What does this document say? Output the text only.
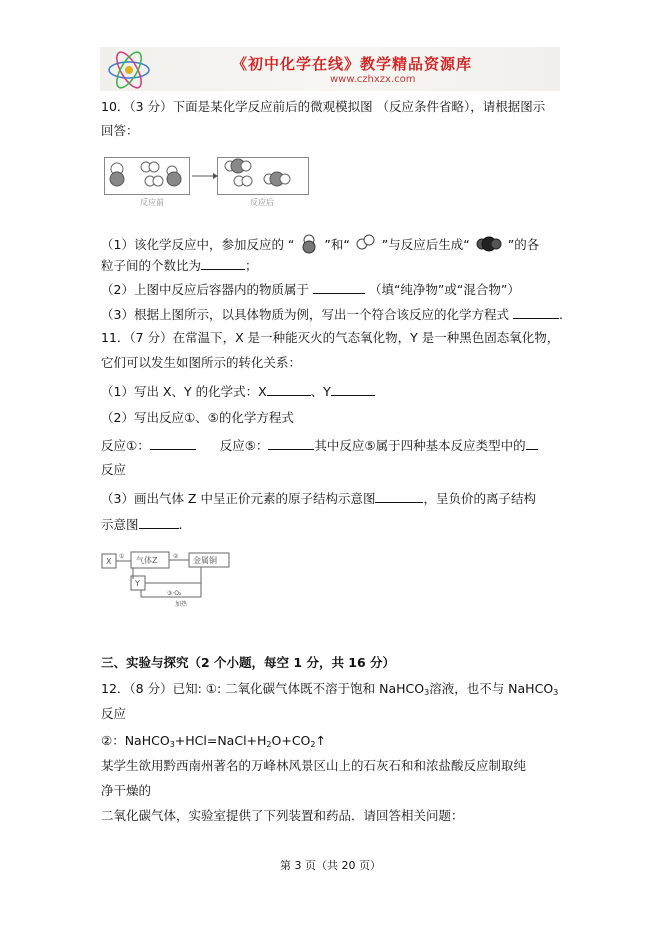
《初中化学在线》教学精品资源库
www.czhxzx.com
10．（3 分）下面是某化学反应前后的微观模拟图 （反应条件省略），请根据图示
回答：
反应前	反应后
（1）该化学反应中，参加反应的 “ ”和“	”与反应后生成“	”的各
粒子间的个数比为	；
（2）上图中反应后容器内的物质属于	（填“纯净物”或“混合物”）
（3）根据上图所示，以具体物质为例，写出一个符合该反应的化学方程式	.
11．（7 分）在常温下，X 是一种能灭火的气态氧化物，Y 是一种黑色固态氧化物，
它们可以发生如图所示的转化关系：
（1）写出 X、Y 的化学式：X	、Y
（2）写出反应①、⑤的化学方程式
反应①：	反应⑤：	其中反应⑤属于四种基本反应类型中的
反应
（3）画出气体 Z 中呈正价元素的原子结构示意图	，呈负价的离子结构
示意图	.
X
① 气体Z	② 金属铜
Y
③·O₂
加热
三、实验与探究（2 个小题，每空 1 分，共 16 分）
12．（8 分）已知: ①: 二氧化碳气体既不溶于饱和 NaHCO$_3$溶液，也不与 NaHCO$_3$
反应
②：$NaHCO_3+HCl=NaCl+H_2O+CO_2↑$
某学生欲用黔西南州著名的万峰林风景区山上的石灰石和和浓盐酸反应制取纯
净干燥的
二氧化碳气体，实验室提供了下列装置和药品．请回答相关问题：
第 3 页（共 20 页）
